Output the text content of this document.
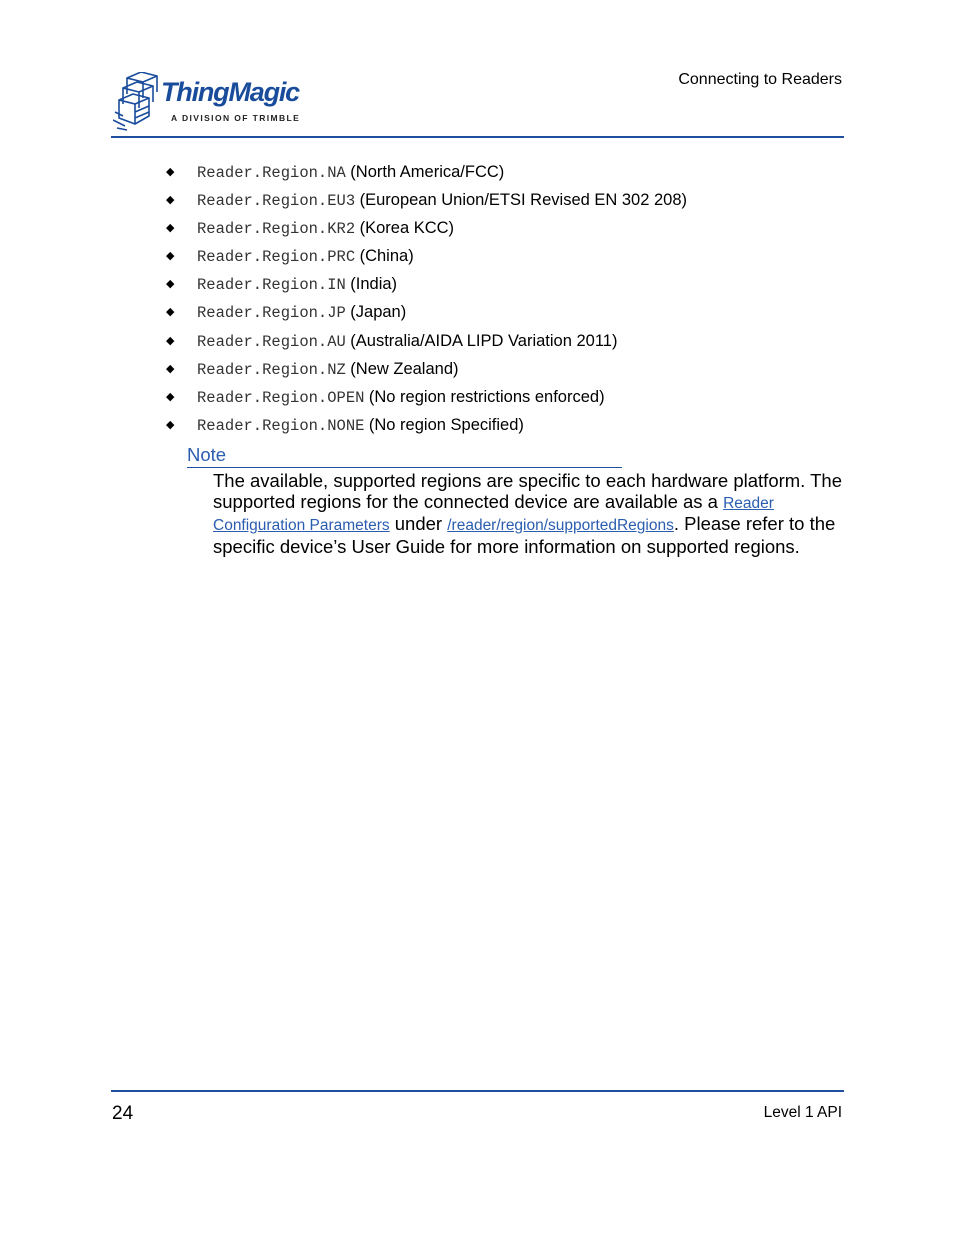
ThingMagic
A DIVISION OF TRIMBLE
Connecting to Readers
◆	Reader.Region.NA
(North America/FCC)
◆	Reader.Region.EU3
(European Union/ETSI Revised EN 302 208)
◆	Reader.Region.KR2
(Korea KCC)
◆	Reader.Region.PRC
(China)
◆	Reader.Region.IN
(India)
◆	Reader.Region.JP
(Japan)
◆	Reader.Region.AU
(Australia/AIDA LIPD Variation 2011)
◆	Reader.Region.NZ
(New Zealand)
◆	Reader.Region.OPEN
(No region restrictions enforced)
◆	Reader.Region.NONE
(No region Specified)
Note
The available, supported regions are specific to each hardware platform. The supported regions for the connected device are available as a Reader Configuration Parameters under /reader/region/supportedRegions. Please refer to the specific device’s User Guide for more information on supported regions.
24	Level 1 API
